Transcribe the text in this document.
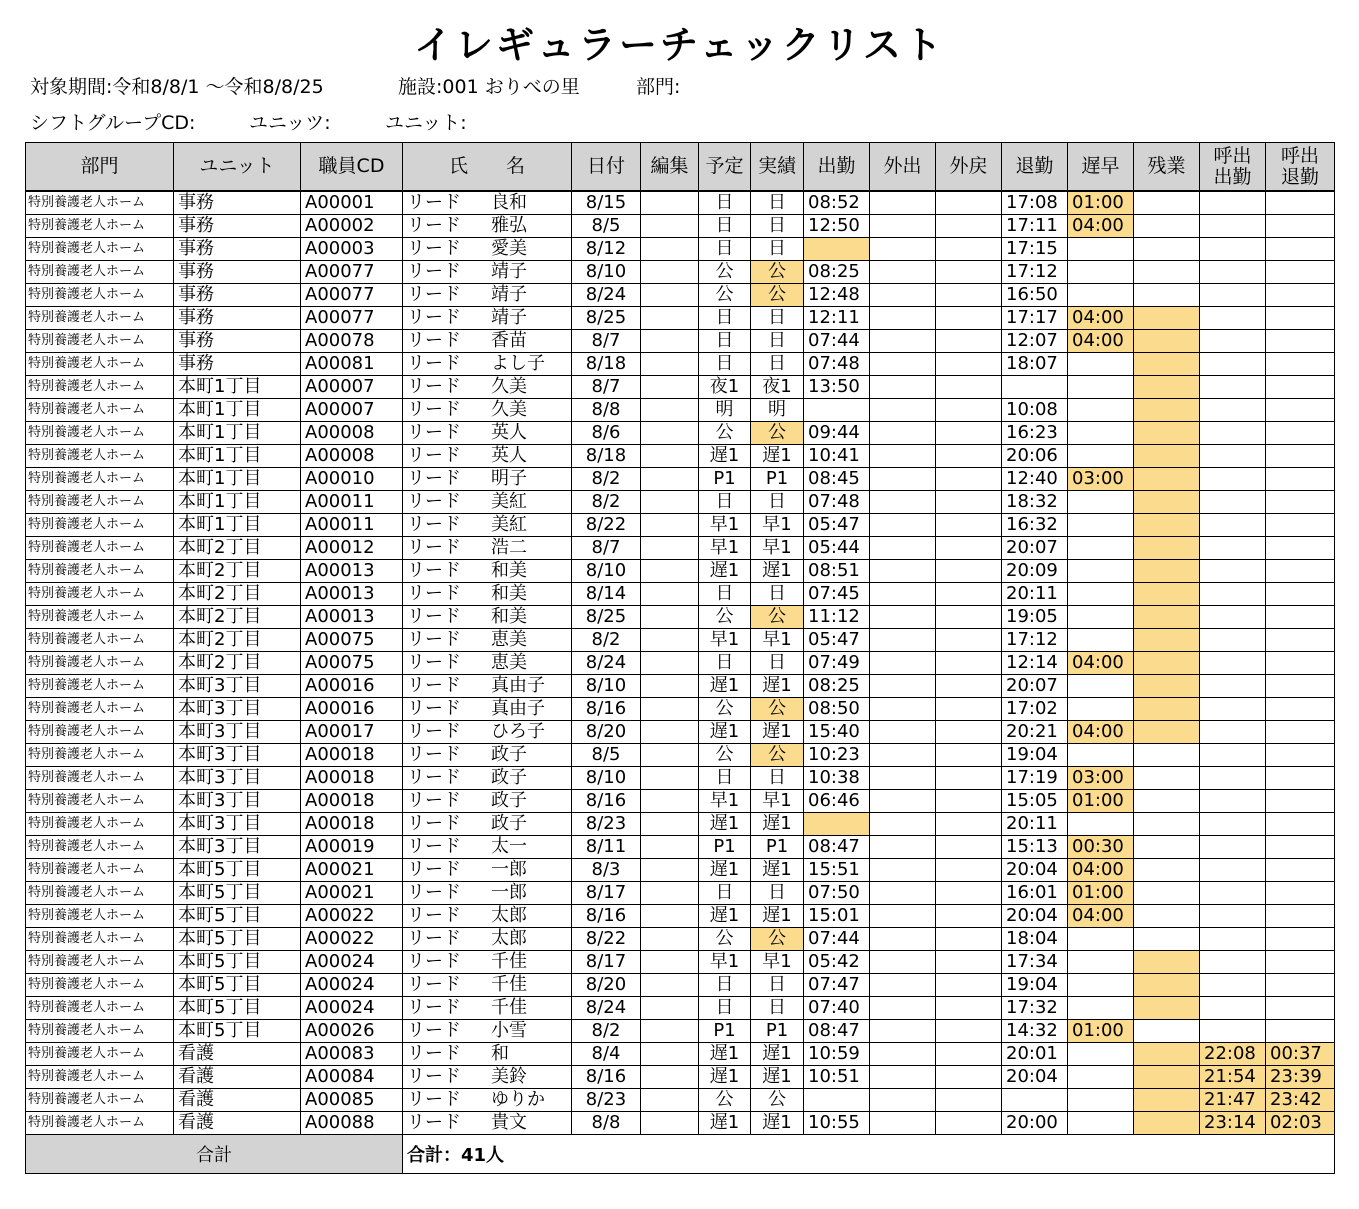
イレギュラーチェックリスト
対象期間:令和8/8/1 ～令和8/8/25	施設:001 おりべの里	部門:
シフトグループCD:	ユニッツ:	ユニット:
部門	ユニット	職員CD	氏　　名	日付	編集	予定	実績	出勤	外出	外戻	退勤	遅早	残業	呼出
出勤	呼出
退勤
特別養護老人ホーム	事務	A00001	リード 良和	8/15		日	日	08:52			17:08	01:00			
特別養護老人ホーム	事務	A00002	リード 雅弘	8/5		日	日	12:50			17:11	04:00			
特別養護老人ホーム	事務	A00003	リード 愛美	8/12		日	日				17:15				
特別養護老人ホーム	事務	A00077	リード 靖子	8/10		公	公	08:25			17:12				
特別養護老人ホーム	事務	A00077	リード 靖子	8/24		公	公	12:48			16:50				
特別養護老人ホーム	事務	A00077	リード 靖子	8/25		日	日	12:11			17:17	04:00			
特別養護老人ホーム	事務	A00078	リード 香苗	8/7		日	日	07:44			12:07	04:00			
特別養護老人ホーム	事務	A00081	リード よし子	8/18		日	日	07:48			18:07				
特別養護老人ホーム	本町1丁目	A00007	リード 久美	8/7		夜1	夜1	13:50							
特別養護老人ホーム	本町1丁目	A00007	リード 久美	8/8		明	明				10:08				
特別養護老人ホーム	本町1丁目	A00008	リード 英人	8/6		公	公	09:44			16:23				
特別養護老人ホーム	本町1丁目	A00008	リード 英人	8/18		遅1	遅1	10:41			20:06				
特別養護老人ホーム	本町1丁目	A00010	リード 明子	8/2		P1	P1	08:45			12:40	03:00			
特別養護老人ホーム	本町1丁目	A00011	リード 美紅	8/2		日	日	07:48			18:32				
特別養護老人ホーム	本町1丁目	A00011	リード 美紅	8/22		早1	早1	05:47			16:32				
特別養護老人ホーム	本町2丁目	A00012	リード 浩二	8/7		早1	早1	05:44			20:07				
特別養護老人ホーム	本町2丁目	A00013	リード 和美	8/10		遅1	遅1	08:51			20:09				
特別養護老人ホーム	本町2丁目	A00013	リード 和美	8/14		日	日	07:45			20:11				
特別養護老人ホーム	本町2丁目	A00013	リード 和美	8/25		公	公	11:12			19:05				
特別養護老人ホーム	本町2丁目	A00075	リード 恵美	8/2		早1	早1	05:47			17:12				
特別養護老人ホーム	本町2丁目	A00075	リード 恵美	8/24		日	日	07:49			12:14	04:00			
特別養護老人ホーム	本町3丁目	A00016	リード 真由子	8/10		遅1	遅1	08:25			20:07				
特別養護老人ホーム	本町3丁目	A00016	リード 真由子	8/16		公	公	08:50			17:02				
特別養護老人ホーム	本町3丁目	A00017	リード ひろ子	8/20		遅1	遅1	15:40			20:21	04:00			
特別養護老人ホーム	本町3丁目	A00018	リード 政子	8/5		公	公	10:23			19:04				
特別養護老人ホーム	本町3丁目	A00018	リード 政子	8/10		日	日	10:38			17:19	03:00			
特別養護老人ホーム	本町3丁目	A00018	リード 政子	8/16		早1	早1	06:46			15:05	01:00			
特別養護老人ホーム	本町3丁目	A00018	リード 政子	8/23		遅1	遅1				20:11				
特別養護老人ホーム	本町3丁目	A00019	リード 太一	8/11		P1	P1	08:47			15:13	00:30			
特別養護老人ホーム	本町5丁目	A00021	リード 一郎	8/3		遅1	遅1	15:51			20:04	04:00			
特別養護老人ホーム	本町5丁目	A00021	リード 一郎	8/17		日	日	07:50			16:01	01:00			
特別養護老人ホーム	本町5丁目	A00022	リード 太郎	8/16		遅1	遅1	15:01			20:04	04:00			
特別養護老人ホーム	本町5丁目	A00022	リード 太郎	8/22		公	公	07:44			18:04				
特別養護老人ホーム	本町5丁目	A00024	リード 千佳	8/17		早1	早1	05:42			17:34				
特別養護老人ホーム	本町5丁目	A00024	リード 千佳	8/20		日	日	07:47			19:04				
特別養護老人ホーム	本町5丁目	A00024	リード 千佳	8/24		日	日	07:40			17:32				
特別養護老人ホーム	本町5丁目	A00026	リード 小雪	8/2		P1	P1	08:47			14:32	01:00			
特別養護老人ホーム	看護	A00083	リード 和	8/4		遅1	遅1	10:59			20:01			22:08	00:37
特別養護老人ホーム	看護	A00084	リード 美鈴	8/16		遅1	遅1	10:51			20:04			21:54	23:39
特別養護老人ホーム	看護	A00085	リード ゆりか	8/23		公	公							21:47	23:42
特別養護老人ホーム	看護	A00088	リード 貴文	8/8		遅1	遅1	10:55			20:00			23:14	02:03
合計			合計：41人												
